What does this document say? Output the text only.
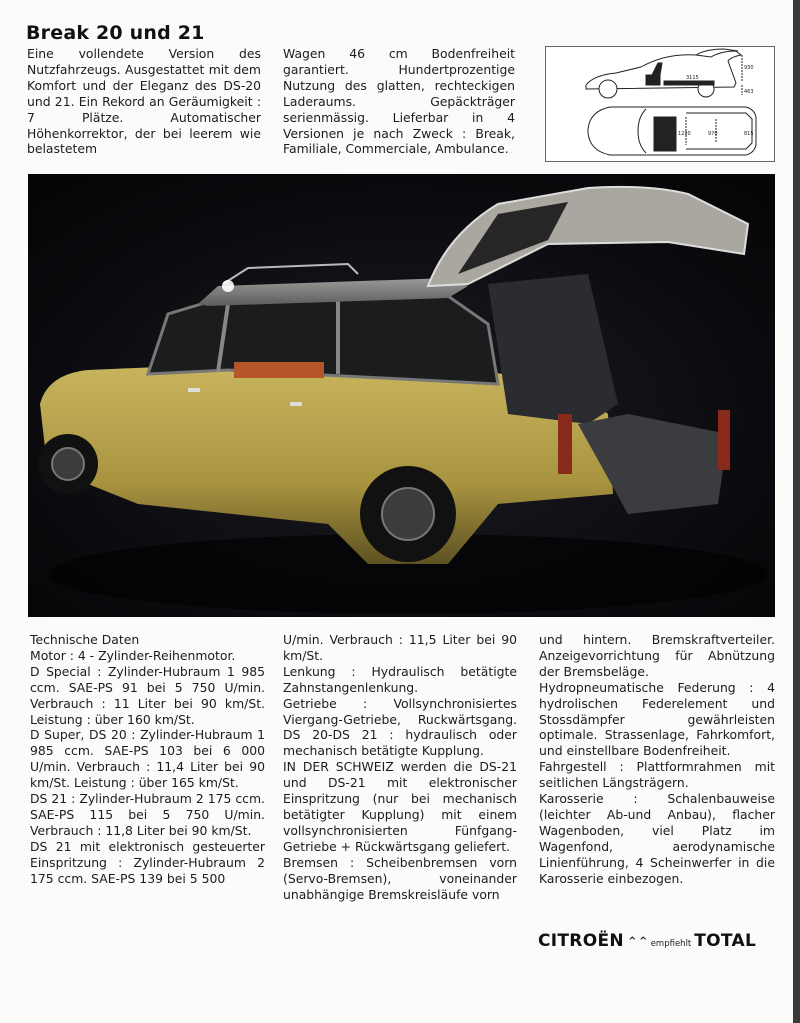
Break 20 und 21

Eine vollendete Version des Nutzfahrzeugs. Ausgestattet mit dem Komfort und der Eleganz des DS-20 und 21. Ein Rekord an Geräumigkeit : 7 Plätze. Automatischer Höhenkorrektor, der bei leerem wie belastetem

Wagen 46 cm Bodenfreiheit garantiert. Hundertprozentige Nutzung des glatten, rechteckigen Laderaums. Gepäckträger serienmässig. Lieferbar in 4 Versionen je nach Zweck : Break, Familiale, Commerciale, Ambulance.

3115
930
463
1220	970	815

Technische Daten

Motor : 4 - Zylinder-Reihenmotor.

D Special : Zylinder-Hubraum 1 985 ccm. SAE-PS 91 bei 5 750 U/min. Verbrauch : 11 Liter bei 90 km/St. Leistung : über 160 km/St.

D Super, DS 20 : Zylinder-Hubraum 1 985 ccm. SAE-PS 103 bei 6 000 U/min. Verbrauch : 11,4 Liter bei 90 km/St. Leistung : über 165 km/St.

DS 21 : Zylinder-Hubraum 2 175 ccm. SAE-PS 115 bei 5 750 U/min. Verbrauch : 11,8 Liter bei 90 km/St.

DS 21 mit elektronisch gesteuerter Einspritzung : Zylinder-Hubraum 2 175 ccm. SAE-PS 139 bei 5 500

U/min. Verbrauch : 11,5 Liter bei 90 km/St.

Lenkung : Hydraulisch betätigte Zahnstangenlenkung.

Getriebe : Vollsynchronisiertes Viergang-Getriebe, Ruckwärtsgang. DS 20-DS 21 : hydraulisch oder mechanisch betätigte Kupplung.

IN DER SCHWEIZ werden die DS-21 und DS-21 mit elektronischer Einspritzung (nur bei mechanisch betätigter Kupplung) mit einem vollsynchronisierten Fünfgang-Getriebe + Rückwärtsgang geliefert.

Bremsen : Scheibenbremsen vorn (Servo-Bremsen), voneinander unabhängige Bremskreisläufe vorn

und hintern. Bremskraftverteiler. Anzeigevorrichtung für Abnützung der Bremsbeläge.

Hydropneumatische Federung : 4 hydrolischen Federelement und Stossdämpfer gewährleisten optimale. Strassenlage, Fahrkomfort, und einstellbare Bodenfreiheit.

Fahrgestell : Plattformrahmen mit seitlichen Längsträgern.

Karosserie : Schalenbauweise (leichter Ab-und Anbau), flacher Wagenboden, viel Platz im Wagenfond, aerodynamische Linienführung, 4 Scheinwerfer in die Karosserie einbezogen.

CITROËN ⌃⌃ empfiehlt TOTAL
